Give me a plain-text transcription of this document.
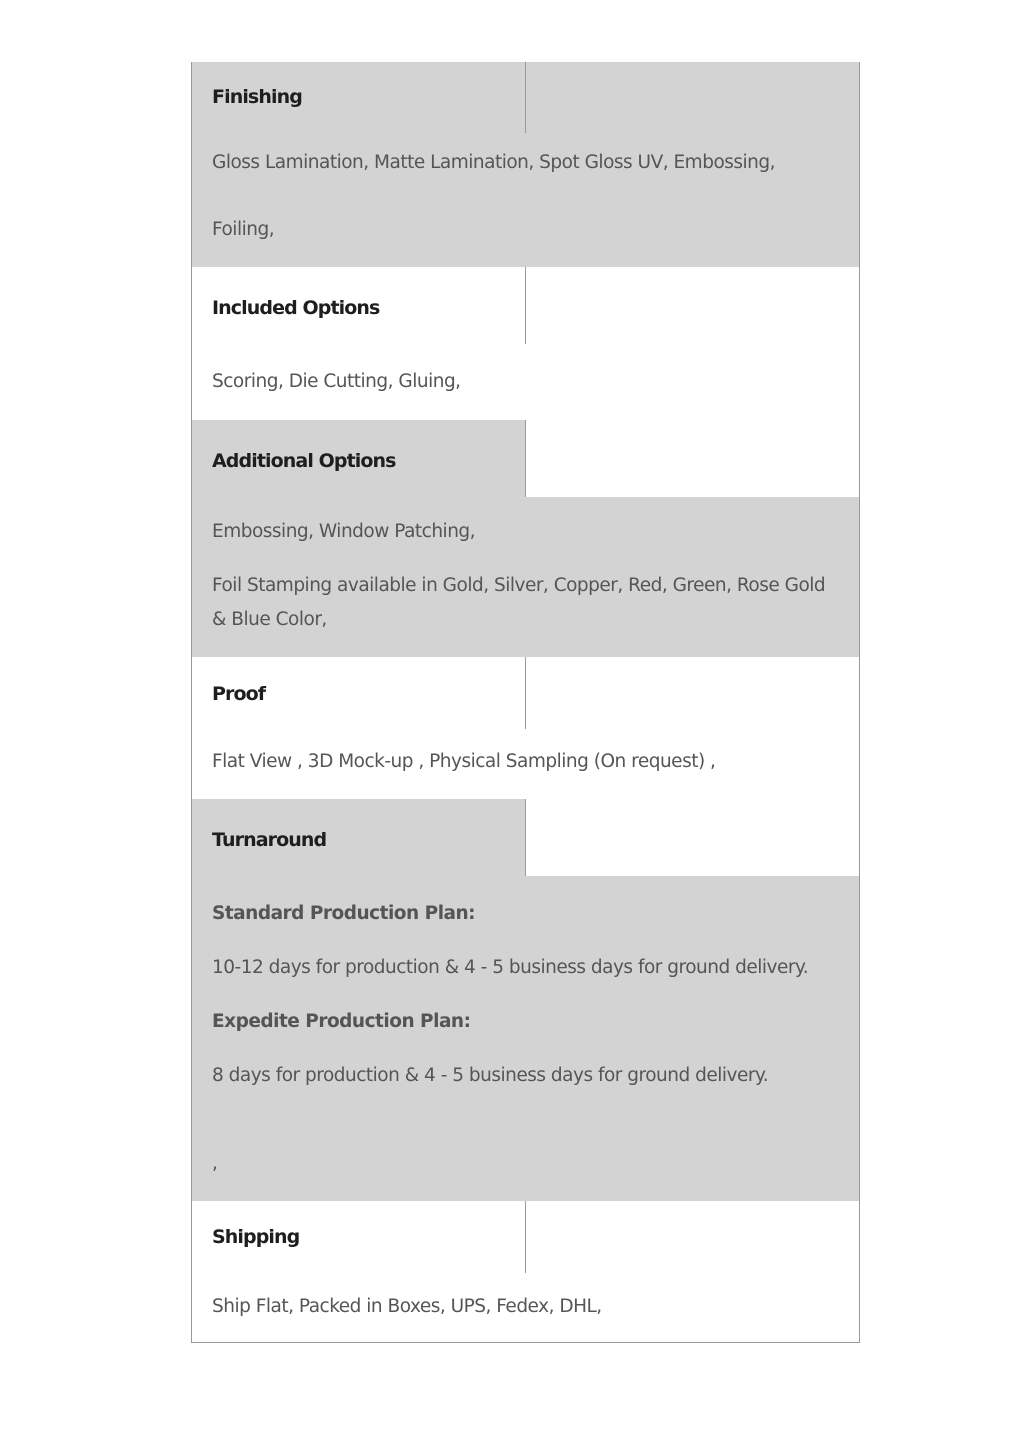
Finishing
Gloss Lamination, Matte Lamination, Spot Gloss UV, Embossing,
Foiling,
Included Options
Scoring, Die Cutting, Gluing,
Additional Options
Embossing, Window Patching,
Foil Stamping available in Gold, Silver, Copper, Red, Green, Rose Gold & Blue Color,
Proof
Flat View , 3D Mock-up , Physical Sampling (On request) ,
Turnaround
Standard Production Plan:
10-12 days for production & 4 - 5 business days for ground delivery.
Expedite Production Plan:
8 days for production & 4 - 5 business days for ground delivery.
,
Shipping
Ship Flat, Packed in Boxes, UPS, Fedex, DHL,
